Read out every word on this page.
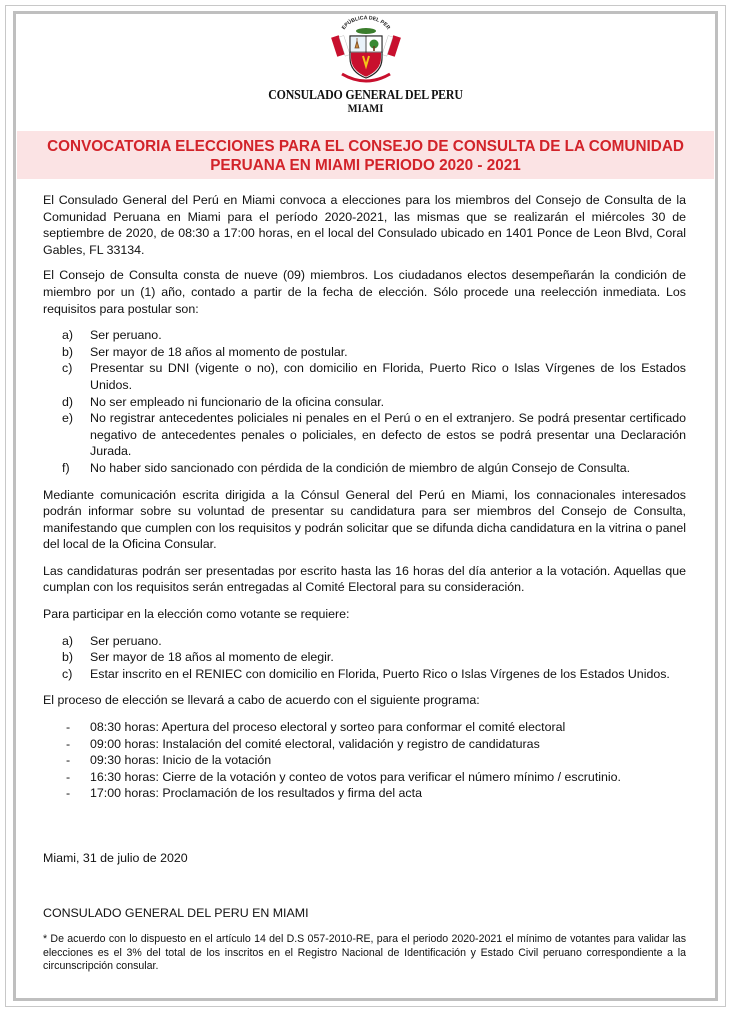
EPÚBLICA DEL PER
CONSULADO GENERAL DEL PERU
MIAMI
CONVOCATORIA ELECCIONES PARA EL CONSEJO DE CONSULTA DE LA COMUNIDAD PERUANA EN MIAMI PERIODO 2020 - 2021

El Consulado General del Perú en Miami convoca a elecciones para los miembros del Consejo de Consulta de la Comunidad Peruana en Miami para el período 2020-2021, las mismas que se realizarán el miércoles 30 de septiembre de 2020, de 08:30 a 17:00 horas, en el local del Consulado ubicado en 1401 Ponce de Leon Blvd, Coral Gables, FL 33134.

El Consejo de Consulta consta de nueve (09) miembros. Los ciudadanos electos desempeñarán la condición de miembro por un (1) año, contado a partir de la fecha de elección. Sólo procede una reelección inmediata. Los requisitos para postular son:

a) Ser peruano.
b) Ser mayor de 18 años al momento de postular.
c) Presentar su DNI (vigente o no), con domicilio en Florida, Puerto Rico o Islas Vírgenes de los Estados Unidos.
d) No ser empleado ni funcionario de la oficina consular.
e) No registrar antecedentes policiales ni penales en el Perú o en el extranjero. Se podrá presentar certificado negativo de antecedentes penales o policiales, en defecto de estos se podrá presentar una Declaración Jurada.
f) No haber sido sancionado con pérdida de la condición de miembro de algún Consejo de Consulta.

Mediante comunicación escrita dirigida a la Cónsul General del Perú en Miami, los connacionales interesados podrán informar sobre su voluntad de presentar su candidatura para ser miembros del Consejo de Consulta, manifestando que cumplen con los requisitos y podrán solicitar que se difunda dicha candidatura en la vitrina o panel del local de la Oficina Consular.

Las candidaturas podrán ser presentadas por escrito hasta las 16 horas del día anterior a la votación. Aquellas que cumplan con los requisitos serán entregadas al Comité Electoral para su consideración.

Para participar en la elección como votante se requiere:

a) Ser peruano.
b) Ser mayor de 18 años al momento de elegir.
c) Estar inscrito en el RENIEC con domicilio en Florida, Puerto Rico o Islas Vírgenes de los Estados Unidos.

El proceso de elección se llevará a cabo de acuerdo con el siguiente programa:

- 08:30 horas: Apertura del proceso electoral y sorteo para conformar el comité electoral
- 09:00 horas: Instalación del comité electoral, validación y registro de candidaturas
- 09:30 horas: Inicio de la votación
- 16:30 horas: Cierre de la votación y conteo de votos para verificar el número mínimo / escrutinio.
- 17:00 horas: Proclamación de los resultados y firma del acta
Miami, 31 de julio de 2020
CONSULADO GENERAL DEL PERU EN MIAMI
* De acuerdo con lo dispuesto en el artículo 14 del D.S 057-2010-RE, para el periodo 2020-2021 el mínimo de votantes para validar las elecciones es el 3% del total de los inscritos en el Registro Nacional de Identificación y Estado Civil peruano correspondiente a la circunscripción consular.
